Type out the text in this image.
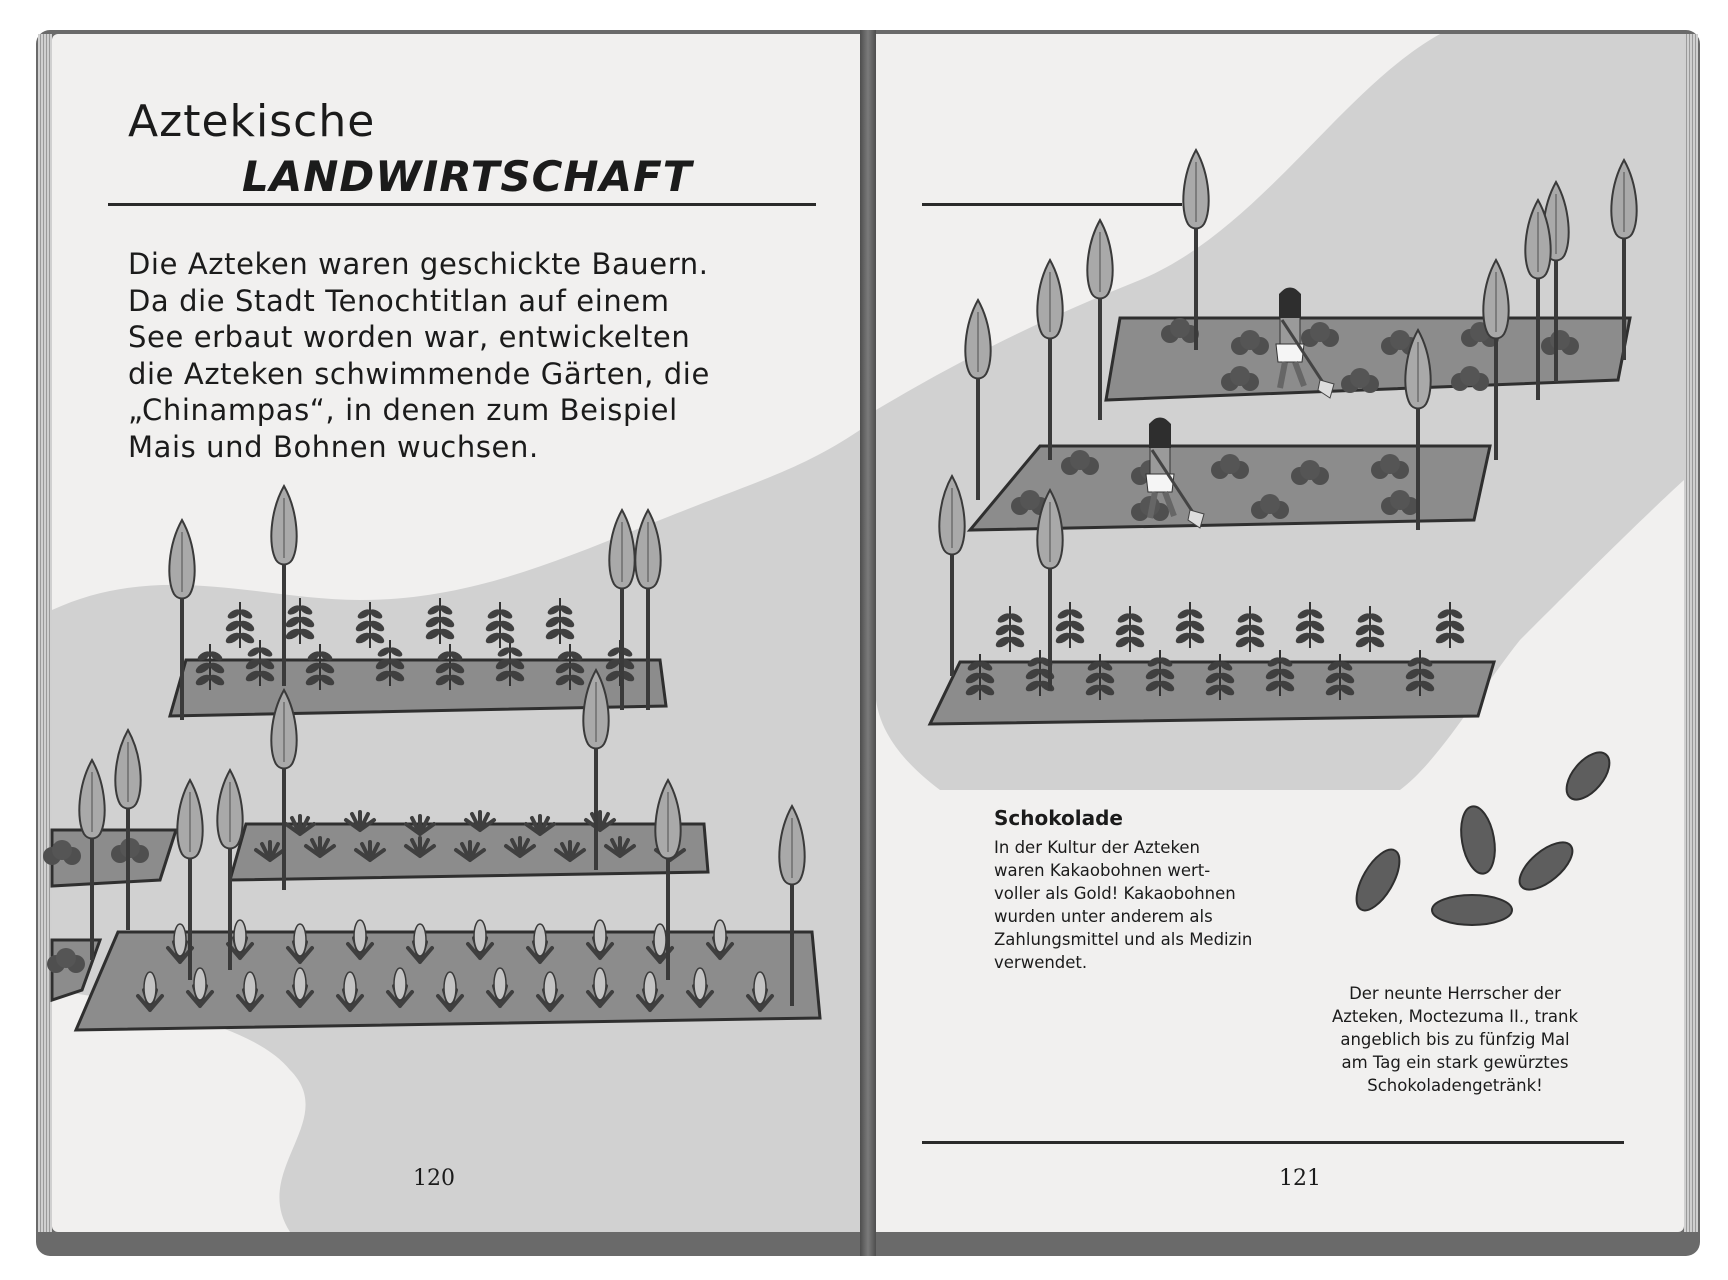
Aztekische
LANDWIRTSCHAFT

Die Azteken waren geschickte Bauern.
Da die Stadt Tenochtitlan auf einem
See erbaut worden war, entwickelten
die Azteken schwimmende Gärten, die
„Chinampas“, in denen zum Beispiel
Mais und Bohnen wuchsen.

120
Schokolade
In der Kultur der Azteken
waren Kakaobohnen wert-
voller als Gold! Kakaobohnen
wurden unter anderem als
Zahlungsmittel und als Medizin
verwendet.
Der neunte Herrscher der
Azteken, Moctezuma II., trank
angeblich bis zu fünfzig Mal
am Tag ein stark gewürztes
Schokoladengetränk!
121
